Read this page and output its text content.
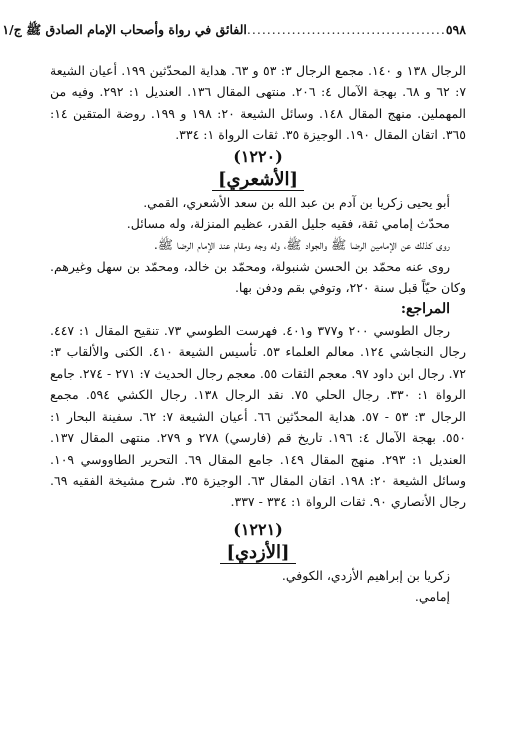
٥٩٨
........................................
الفائق في رواة وأصحاب الإمام الصادق ﷺ ج/١

الرجال ١٣٨ و ١٤٠. مجمع الرجال ٣: ٥٣ و ٦٣. هداية المحدّثين ١٩٩. أعيان الشيعة ٧: ٦٢ و ٦٨. بهجة الآمال ٤: ٢٠٦. منتهى المقال ١٣٦. العنديل ١: ٢٩٢. وفيه من المهملين. منهج المقال ١٤٨. وسائل الشيعة ٢٠: ١٩٨ و ١٩٩. روضة المتقين ١٤: ٣٦٥. اتقان المقال ١٩٠. الوجيزة ٣٥. ثقات الرواة ١: ٣٣٤.

(١٢٢٠)

[الأشعري]

أبو يحيى زكريا بن آدم بن عبد الله بن سعد الأشعري، القمي.

محدّث إمامي ثقة، فقيه جليل القدر، عظيم المنزلة، وله مسائل.

روى كذلك عن الإمامين الرضا ﷺ والجواد ﷺ، وله وجه ومقام عند الإمام الرضا ﷺ.

روى عنه محمّد بن الحسن شنبولة، ومحمّد بن خالد، ومحمّد بن سهل وغيرهم. وكان حيّاً قبل سنة ٢٢٠، وتوفي بقم ودفن بها.

المراجع:

رجال الطوسي ٢٠٠ و٣٧٧ و٤٠١. فهرست الطوسي ٧٣. تنقيح المقال ١: ٤٤٧. رجال النجاشي ١٢٤. معالم العلماء ٥٣. تأسيس الشيعة ٤١٠. الكنى والألقاب ٣: ٧٢. رجال ابن داود ٩٧. معجم الثقات ٥٥. معجم رجال الحديث ٧: ٢٧١ - ٢٧٤. جامع الرواة ١: ٣٣٠. رجال الحلي ٧٥. نقد الرجال ١٣٨. رجال الكشي ٥٩٤. مجمع الرجال ٣: ٥٣ - ٥٧. هداية المحدّثين ٦٦. أعيان الشيعة ٧: ٦٢. سفينة البحار ١: ٥٥٠. بهجة الآمال ٤: ١٩٦. تاريخ قم (فارسي) ٢٧٨ و ٢٧٩. منتهى المقال ١٣٧. العنديل ١: ٢٩٣. منهج المقال ١٤٩. جامع المقال ٦٩. التحرير الطاووسي ١٠٩. وسائل الشيعة ٢٠: ١٩٨. اتقان المقال ٦٣. الوجيزة ٣٥. شرح مشيخة الفقيه ٦٩. رجال الأنصاري ٩٠. ثقات الرواة ١: ٣٣٤ - ٣٣٧.

(١٢٢١)

[الأزدي]

زكريا بن إبراهيم الأزدي، الكوفي.

إمامي.
